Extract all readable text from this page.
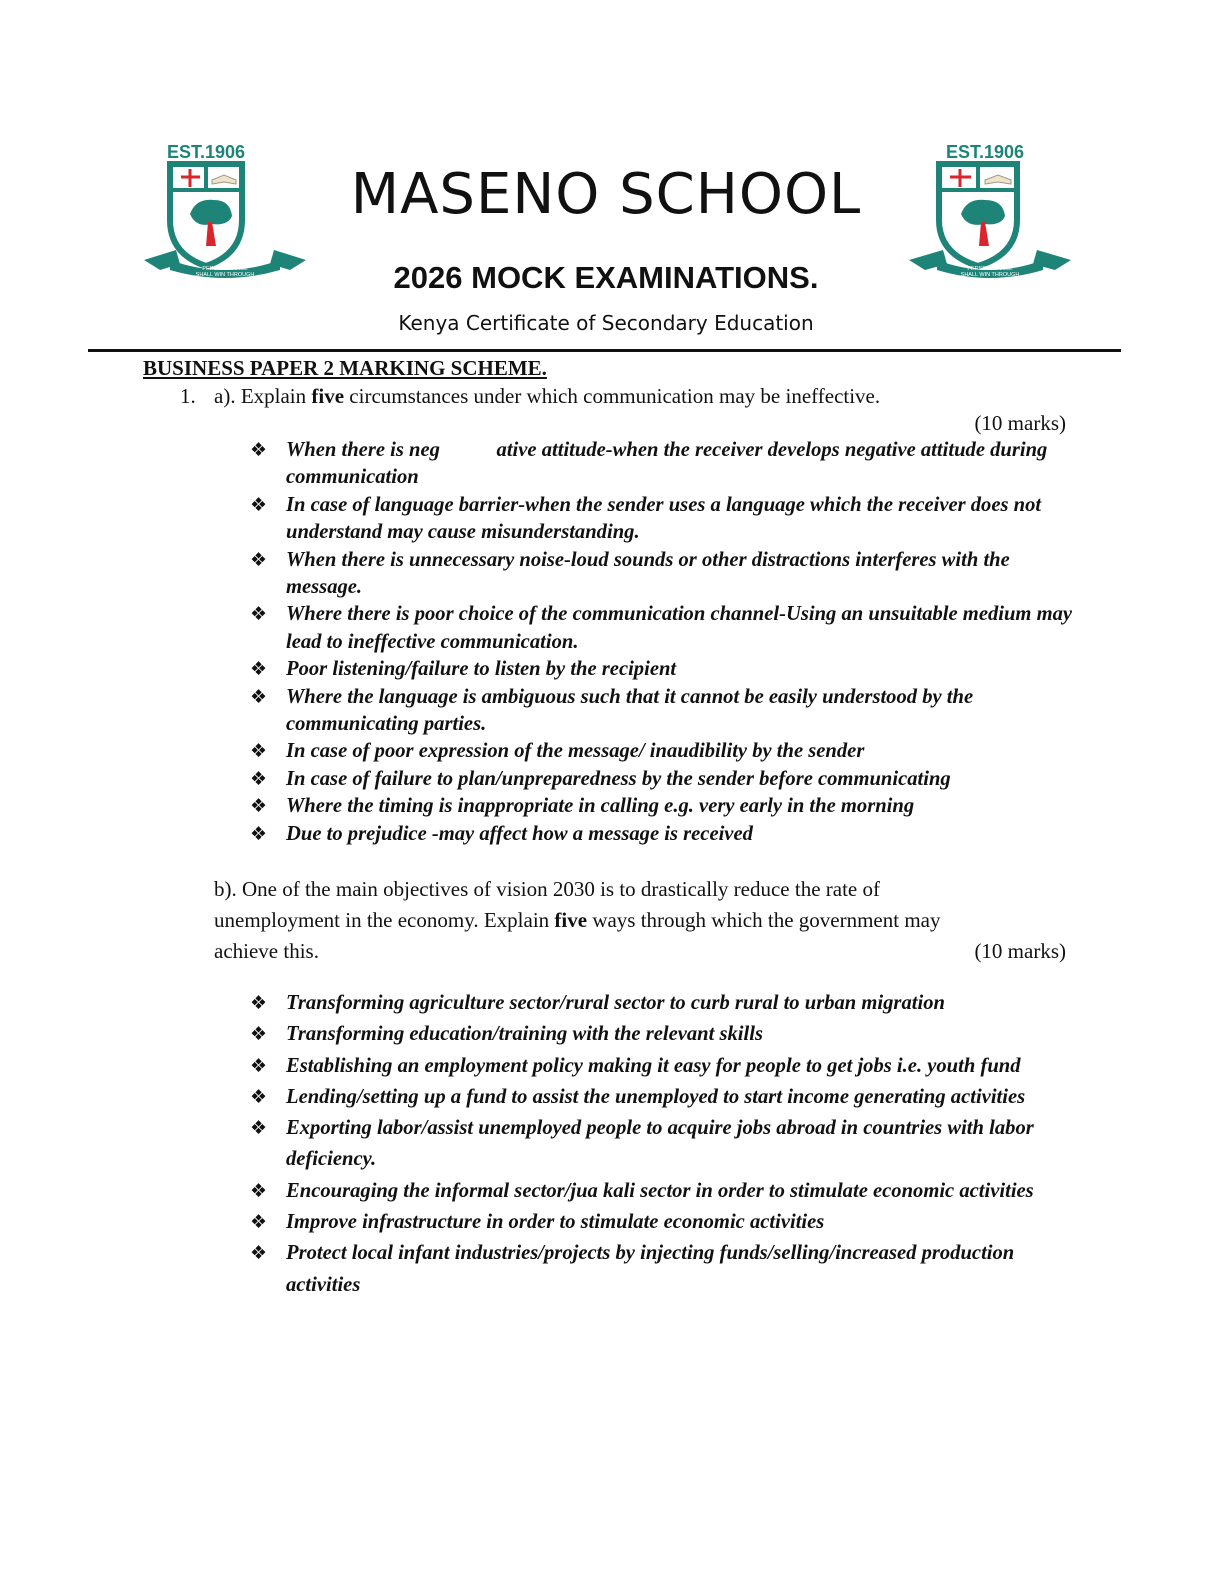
EST.1906
PERSEVERANCE
SHALL WIN THROUGH
EST.1906
PERSEVERANCE
SHALL WIN THROUGH
MASENO SCHOOL
2026 MOCK EXAMINATIONS.
Kenya Certificate of Secondary Education
BUSINESS PAPER 2 MARKING SCHEME.
1. a). Explain five circumstances under which communication may be ineffective.
(10 marks)
❖ When there is neg           ative attitude-when the receiver develops negative attitude during communication
❖ In case of language barrier-when the sender uses a language which the receiver does not understand may cause misunderstanding.
❖ When there is unnecessary noise-loud sounds or other distractions interferes with the message.
❖ Where there is poor choice of the communication channel-Using an unsuitable medium may lead to ineffective communication.
❖ Poor listening/failure to listen by the recipient
❖ Where the language is ambiguous such that it cannot be easily understood by the communicating parties.
❖ In case of poor expression of the message/ inaudibility by the sender
❖ In case of failure to plan/unpreparedness by the sender before communicating
❖ Where the timing is inappropriate in calling e.g. very early in the morning
❖ Due to prejudice -may affect how a message is received
b). One of the main objectives of vision 2030 is to drastically reduce the rate of
unemployment in the economy. Explain five ways through which the government may
achieve this.	(10 marks)
❖ Transforming agriculture sector/rural sector to curb rural to urban migration
❖ Transforming education/training with the relevant skills
❖ Establishing an employment policy making it easy for people to get jobs i.e. youth fund
❖ Lending/setting up a fund to assist the unemployed to start income generating activities
❖ Exporting labor/assist unemployed people to acquire jobs abroad in countries with labor deficiency.
❖ Encouraging the informal sector/jua kali sector in order to stimulate economic activities
❖ Improve infrastructure in order to stimulate economic activities
❖ Protect local infant industries/projects by injecting funds/selling/increased production activities
